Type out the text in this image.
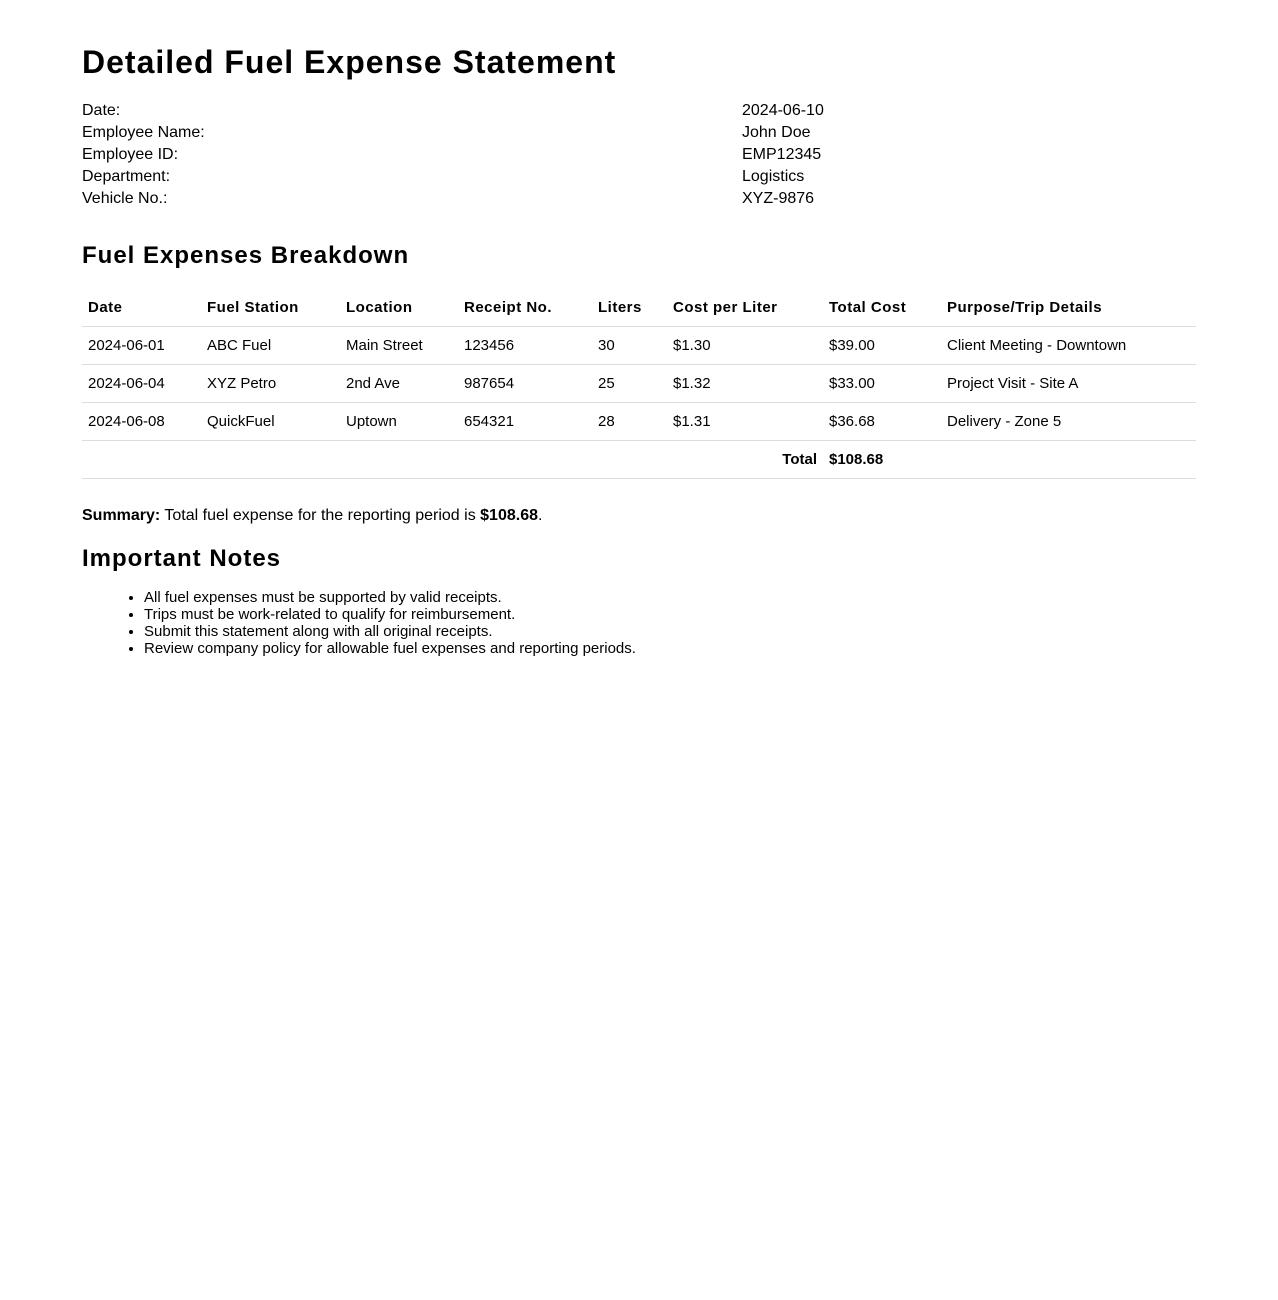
Detailed Fuel Expense Statement
Date:	2024-06-10
Employee Name:	John Doe
Employee ID:	EMP12345
Department:	Logistics
Vehicle No.:	XYZ-9876
Fuel Expenses Breakdown
Date	Fuel Station	Location	Receipt No.	Liters	Cost per Liter	Total Cost	Purpose/Trip Details
2024-06-01	ABC Fuel	Main Street	123456	30	$1.30	$39.00	Client Meeting - Downtown
2024-06-04	XYZ Petro	2nd Ave	987654	25	$1.32	$33.00	Project Visit - Site A
2024-06-08	QuickFuel	Uptown	654321	28	$1.31	$36.68	Delivery - Zone 5
Total						$108.68	

Summary: Total fuel expense for the reporting period is $108.68.

Important Notes
• All fuel expenses must be supported by valid receipts.
• Trips must be work-related to qualify for reimbursement.
• Submit this statement along with all original receipts.
• Review company policy for allowable fuel expenses and reporting periods.
